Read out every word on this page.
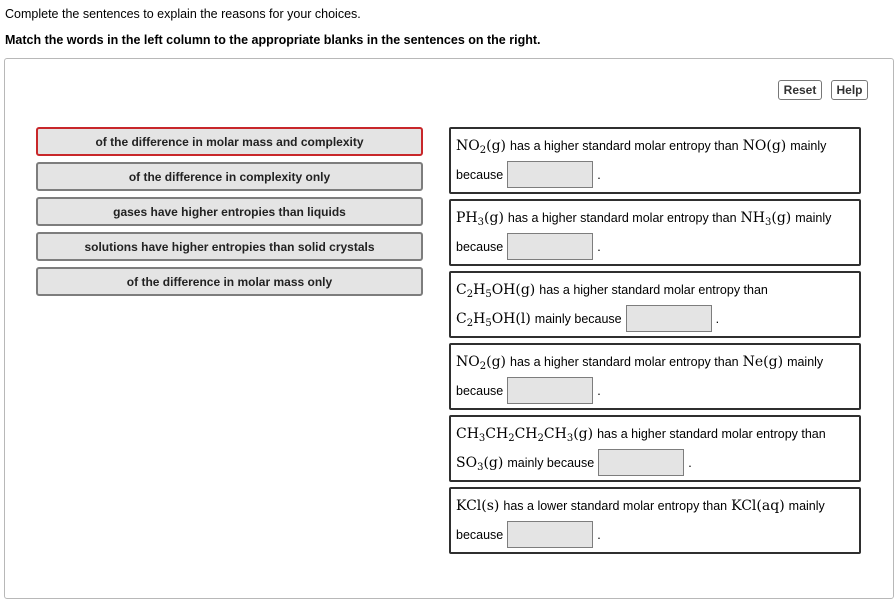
Complete the sentences to explain the reasons for your choices.
Match the words in the left column to the appropriate blanks in the sentences on the right.
Reset	Help
of the difference in molar mass and complexity
of the difference in complexity only
gases have higher entropies than liquids
solutions have higher entropies than solid crystals
of the difference in molar mass only
$NO_2(g)$ has a higher standard molar entropy than NO(g) mainly
because	.
$PH_3(g)$ has a higher standard molar entropy than $NH_3(g)$ mainly
because	.
$C_2H_5OH(g)$ has a higher standard molar entropy than
$C_2H_5OH(l)$ mainly because	.
$NO_2(g)$ has a higher standard molar entropy than Ne(g) mainly
because	.
$CH_3CH_2CH_2CH_3(g)$ has a higher standard molar entropy than
$SO_3(g)$ mainly because	.
KCl(s) has a lower standard molar entropy than KCl(aq) mainly
because	.
